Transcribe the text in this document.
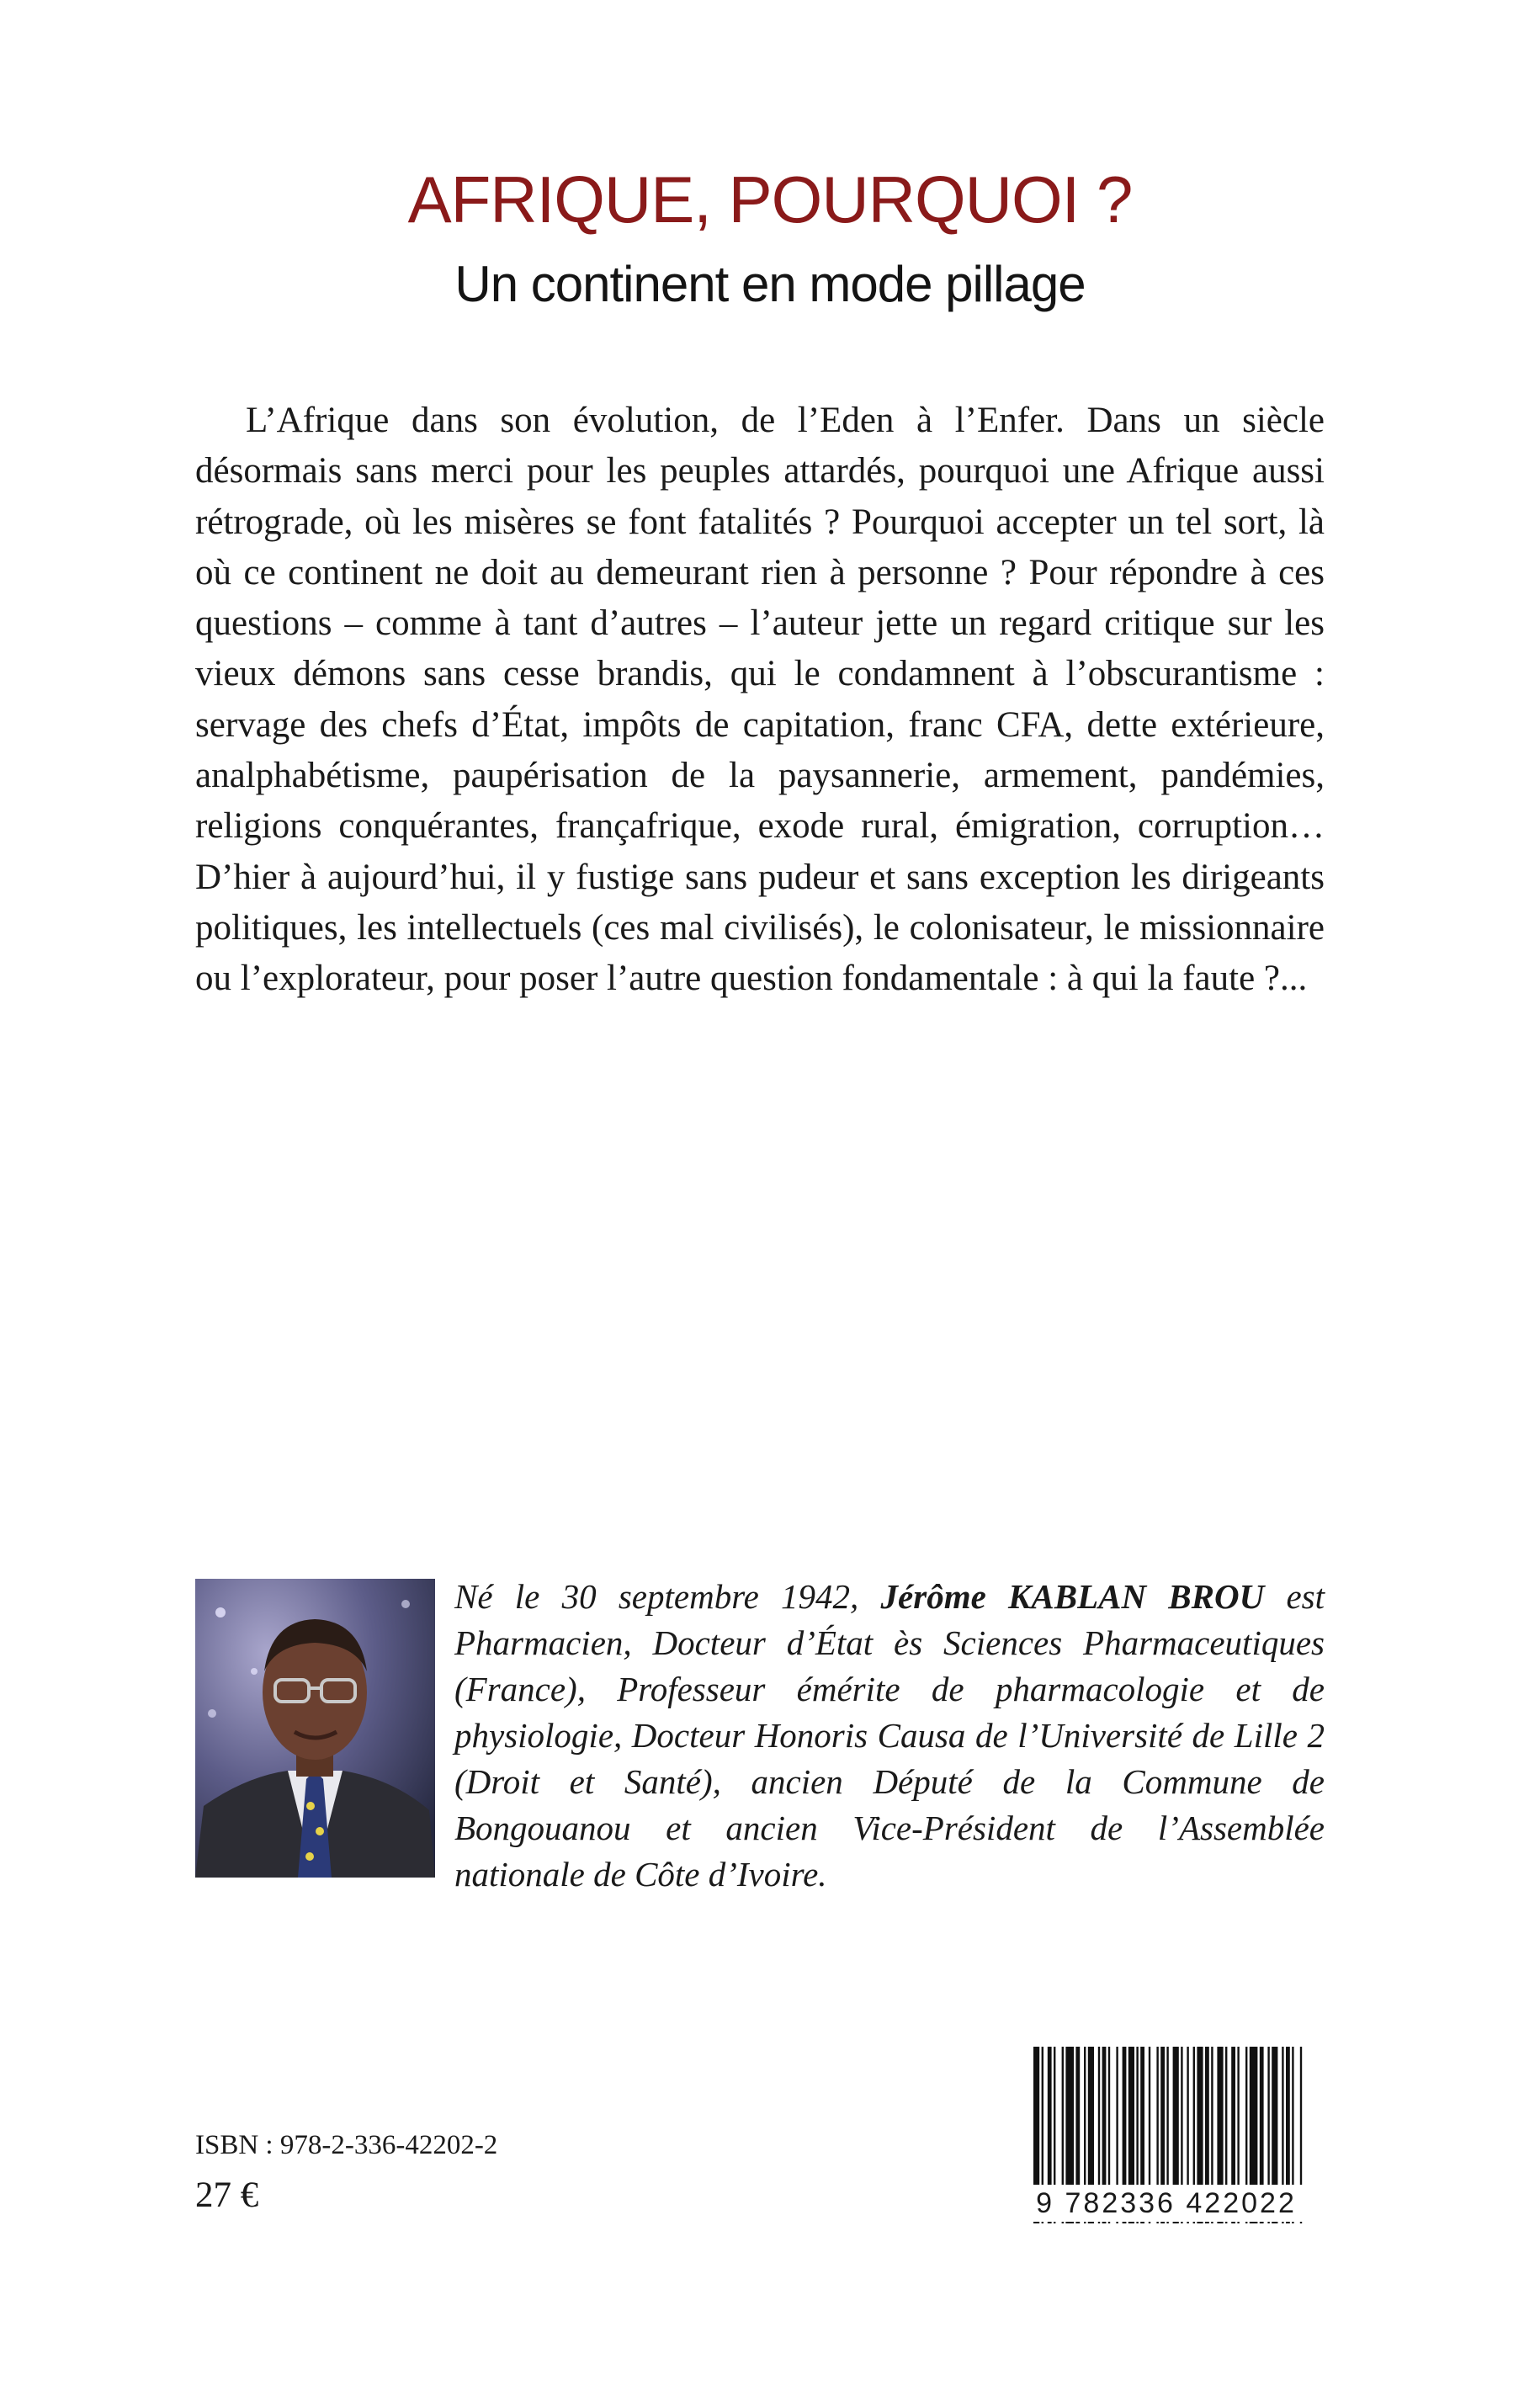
AFRIQUE, POURQUOI ?
Un continent en mode pillage

L’Afrique dans son évolution, de l’Eden à l’Enfer. Dans un siècle désormais sans merci pour les peuples attardés, pourquoi une Afrique aussi rétrograde, où les misères se font fatalités ? Pourquoi accepter un tel sort, là où ce continent ne doit au demeurant rien à personne ? Pour répondre à ces questions – comme à tant d’autres – l’auteur jette un regard critique sur les vieux démons sans cesse brandis, qui le condamnent à l’obscurantisme : servage des chefs d’État, impôts de capitation, franc CFA, dette extérieure, analphabétisme, paupérisation de la paysannerie, armement, pandémies, religions conquérantes, françafrique, exode rural, émigration, corruption… D’hier à aujourd’hui, il y fustige sans pudeur et sans exception les dirigeants politiques, les intellectuels (ces mal civilisés), le colonisateur, le missionnaire ou l’explorateur, pour poser l’autre question fondamentale : à qui la faute ?...

Né le 30 septembre 1942, Jérôme KABLAN BROU est Pharmacien, Docteur d’État ès Sciences Pharmaceutiques (France), Professeur émérite de pharmacologie et de physiologie, Docteur Honoris Causa de l’Université de Lille 2 (Droit et Santé), ancien Député de la Commune de Bongouanou et ancien Vice-Président de l’Assemblée nationale de Côte d’Ivoire.

ISBN : 978-2-336-42202-2
27 €	9 782336 422022
